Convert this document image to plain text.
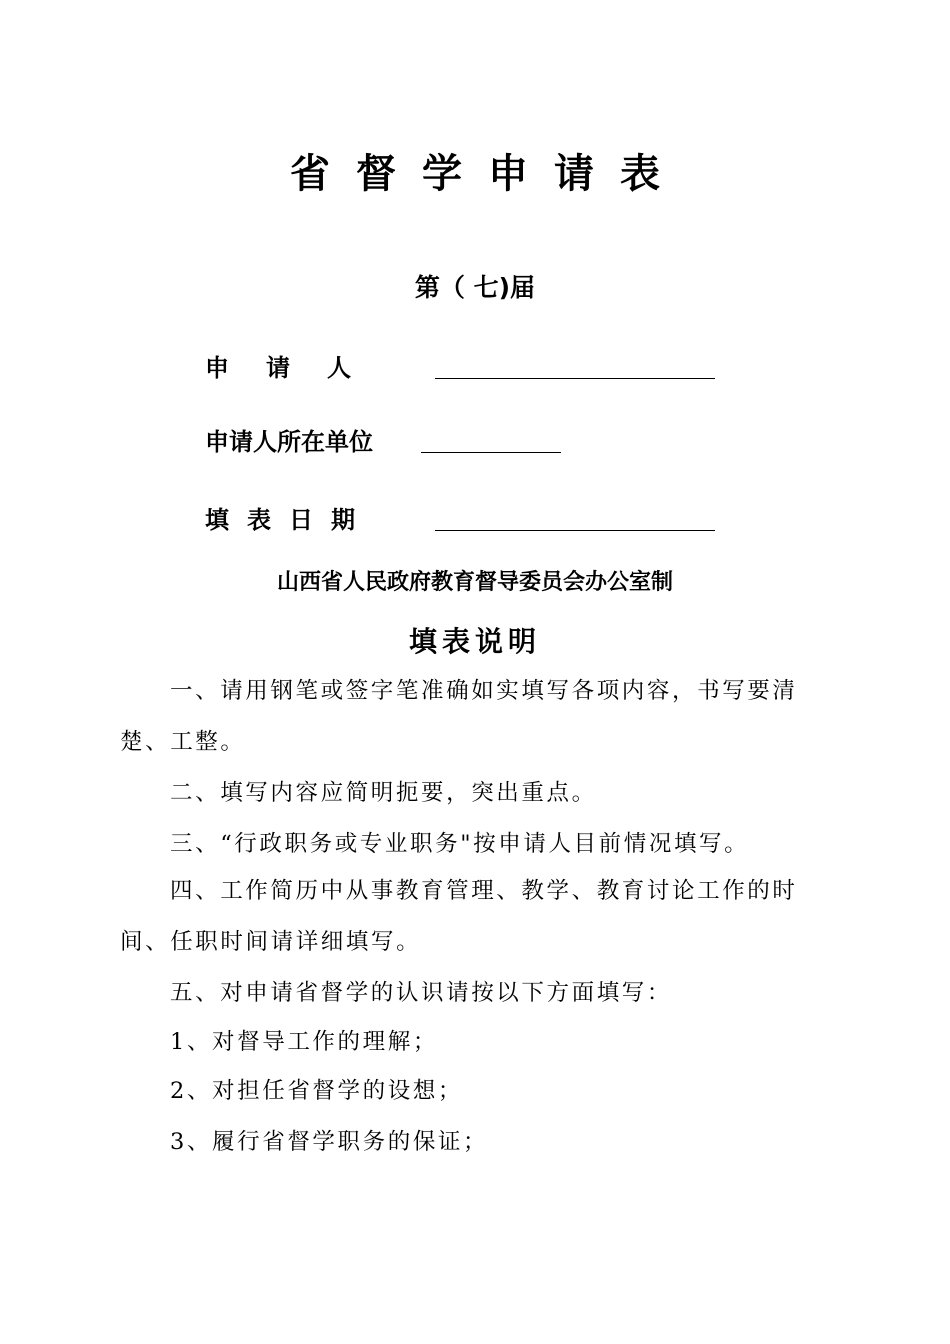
省督学申请表
第（ 七)届
申请人
申请人所在单位
填表日期
山西省人民政府教育督导委员会办公室制
填表说明
一、请用钢笔或签字笔准确如实填写各项内容，书写要清楚、工整。
二、填写内容应简明扼要，突出重点。
三、“行政职务或专业职务"按申请人目前情况填写。
四、工作简历中从事教育管理、教学、教育讨论工作的时间、任职时间请详细填写。
五、对申请省督学的认识请按以下方面填写：
1、对督导工作的理解；
2、对担任省督学的设想；
3、履行省督学职务的保证；
